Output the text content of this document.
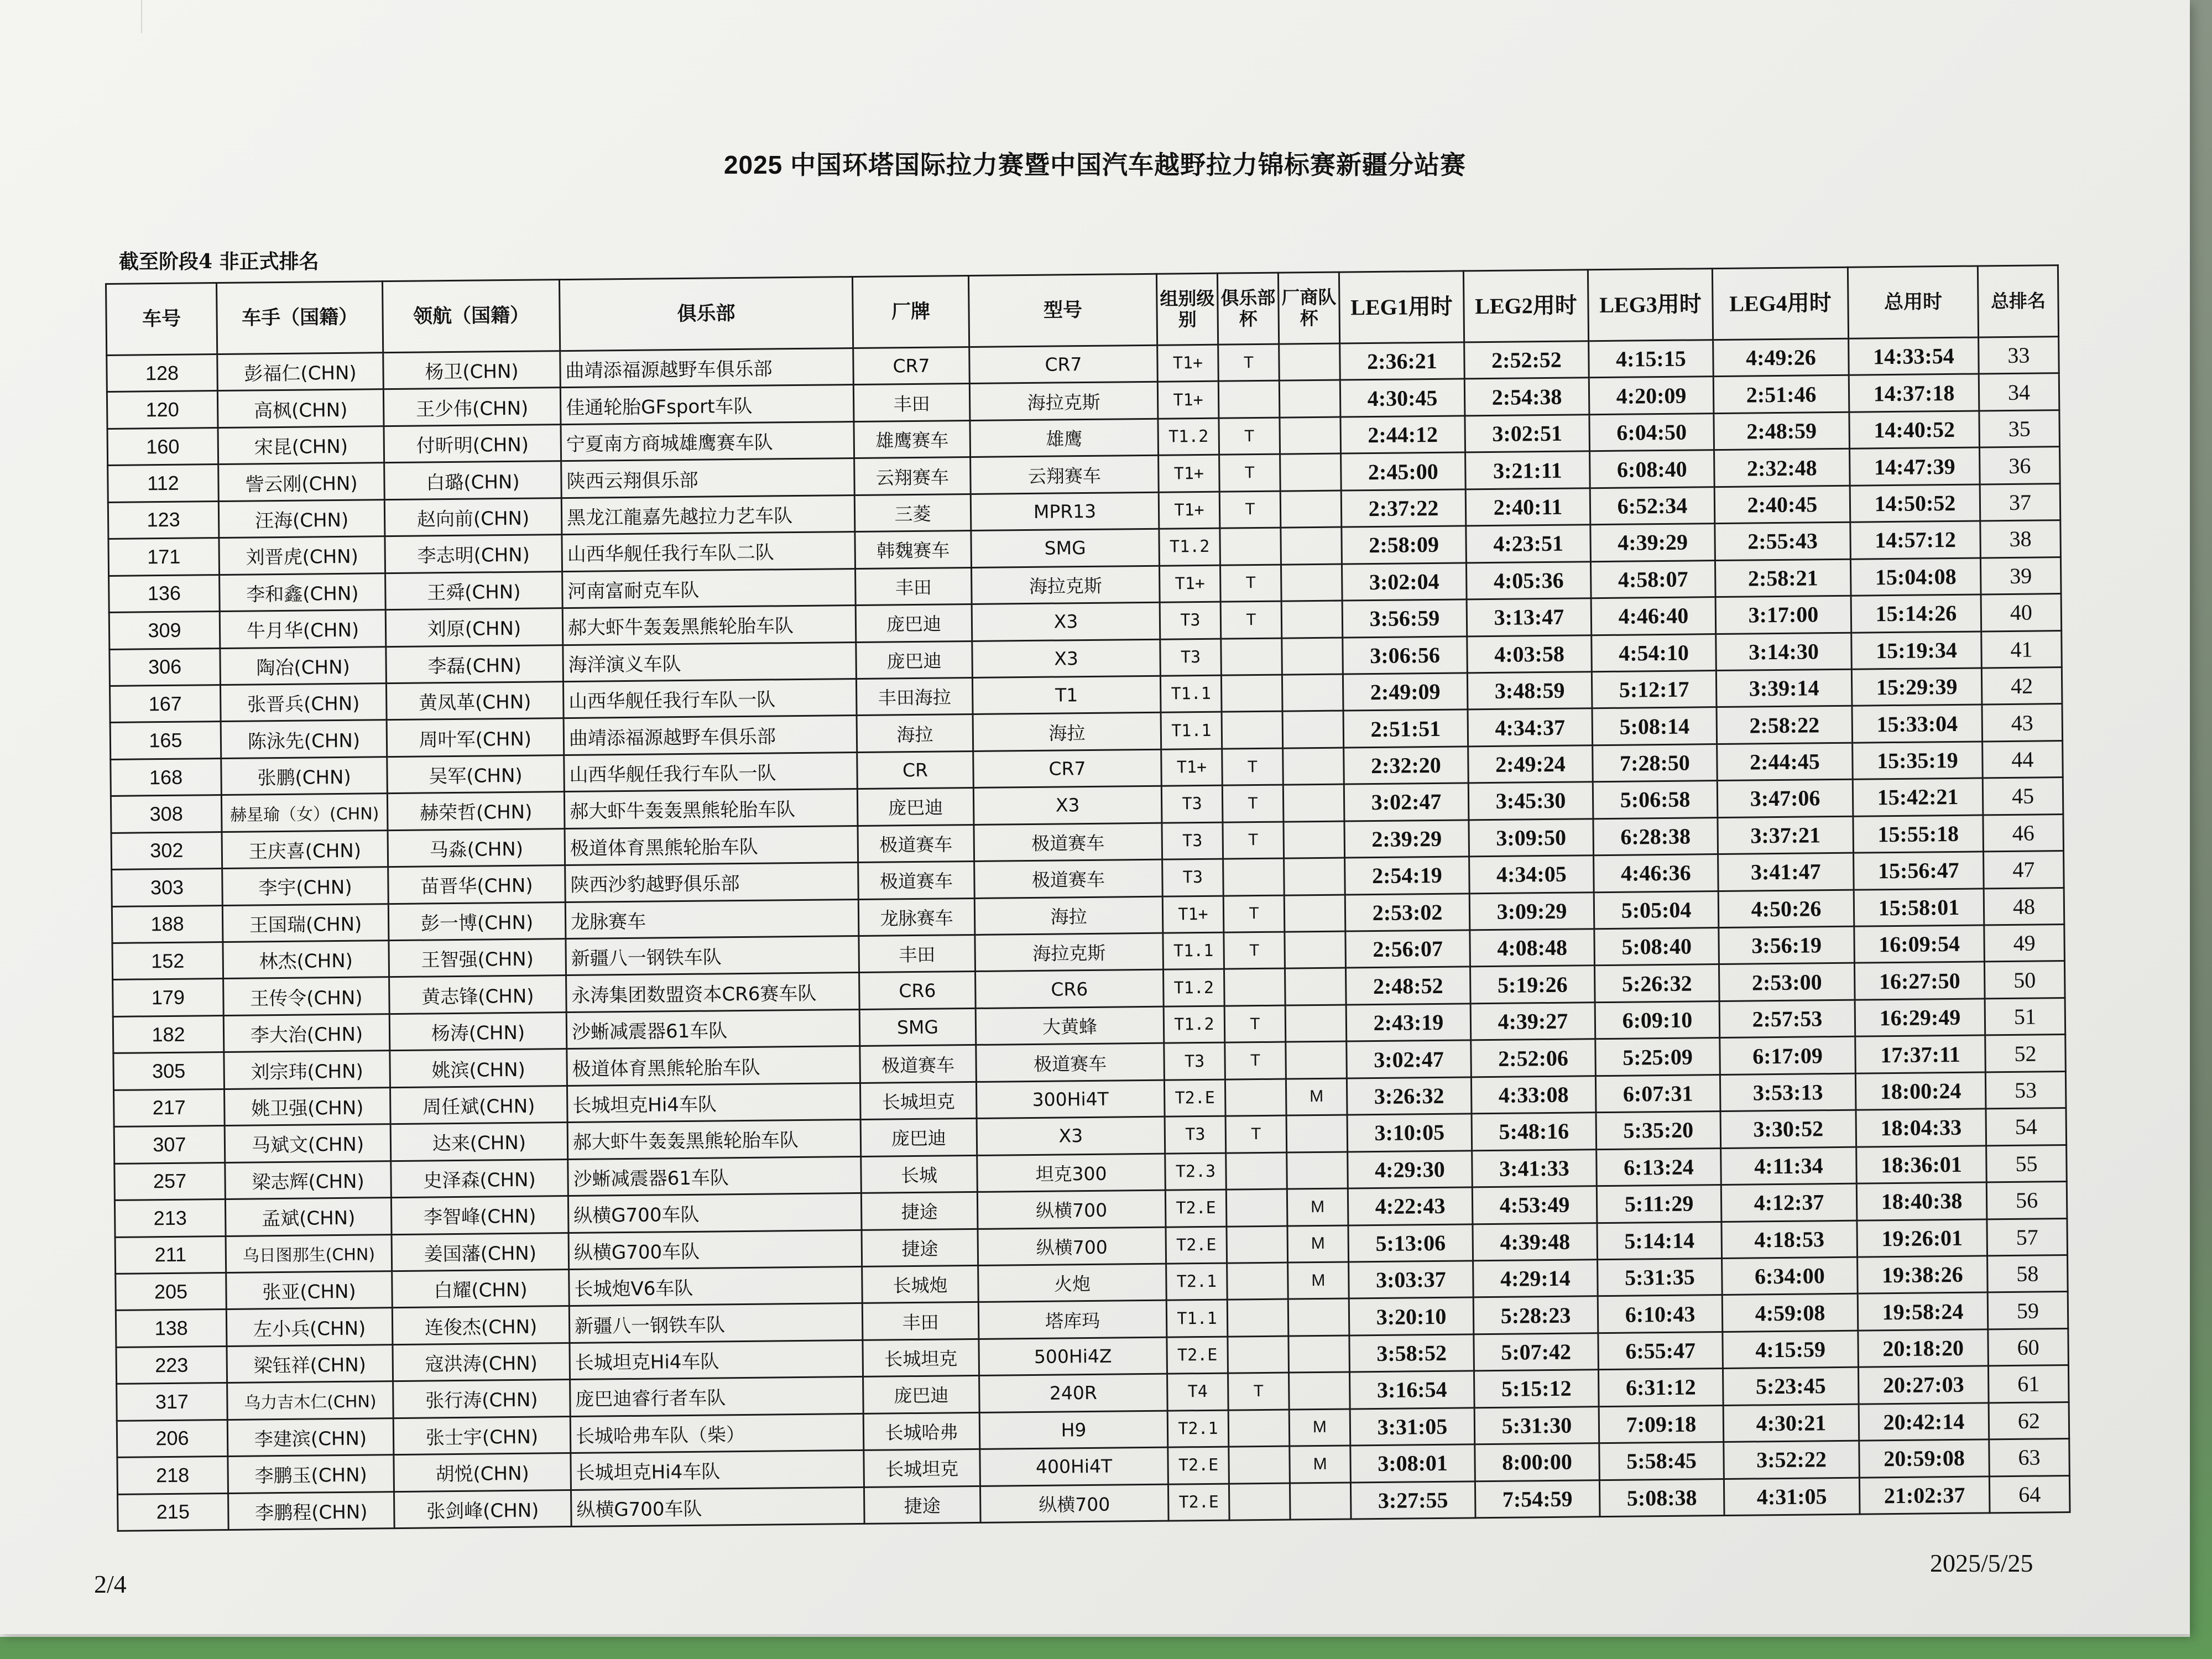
2025 中国环塔国际拉力赛暨中国汽车越野拉力锦标赛新疆分站赛
截至阶段4 非正式排名
车号	车手（国籍）	领航（国籍）	俱乐部	厂牌	型号	组别级别	俱乐部杯	厂商队杯	LEG1用时	LEG2用时	LEG3用时	LEG4用时	总用时	总排名
128	彭福仁(CHN)	杨卫(CHN)	曲靖添福源越野车俱乐部	CR7	CR7	T1+	T		2:36:21	2:52:52	4:15:15	4:49:26	14:33:54	33
120	高枫(CHN)	王少伟(CHN)	佳通轮胎GFsport车队	丰田	海拉克斯	T1+			4:30:45	2:54:38	4:20:09	2:51:46	14:37:18	34
160	宋昆(CHN)	付昕明(CHN)	宁夏南方商城雄鹰赛车队	雄鹰赛车	雄鹰	T1.2	T		2:44:12	3:02:51	6:04:50	2:48:59	14:40:52	35
112	訾云刚(CHN)	白璐(CHN)	陕西云翔俱乐部	云翔赛车	云翔赛车	T1+	T		2:45:00	3:21:11	6:08:40	2:32:48	14:47:39	36
123	汪海(CHN)	赵向前(CHN)	黑龙江龍嘉先越拉力艺车队	三菱	MPR13	T1+	T		2:37:22	2:40:11	6:52:34	2:40:45	14:50:52	37
171	刘晋虎(CHN)	李志明(CHN)	山西华舰任我行车队二队	韩魏赛车	SMG	T1.2			2:58:09	4:23:51	4:39:29	2:55:43	14:57:12	38
136	李和鑫(CHN)	王舜(CHN)	河南富耐克车队	丰田	海拉克斯	T1+	T		3:02:04	4:05:36	4:58:07	2:58:21	15:04:08	39
309	牛月华(CHN)	刘原(CHN)	郝大虾牛轰轰黑熊轮胎车队	庞巴迪	X3	T3	T		3:56:59	3:13:47	4:46:40	3:17:00	15:14:26	40
306	陶冶(CHN)	李磊(CHN)	海洋演义车队	庞巴迪	X3	T3			3:06:56	4:03:58	4:54:10	3:14:30	15:19:34	41
167	张晋兵(CHN)	黄凤革(CHN)	山西华舰任我行车队一队	丰田海拉	T1	T1.1			2:49:09	3:48:59	5:12:17	3:39:14	15:29:39	42
165	陈泳先(CHN)	周叶军(CHN)	曲靖添福源越野车俱乐部	海拉	海拉	T1.1			2:51:51	4:34:37	5:08:14	2:58:22	15:33:04	43
168	张鹏(CHN)	吴军(CHN)	山西华舰任我行车队一队	CR	CR7	T1+	T		2:32:20	2:49:24	7:28:50	2:44:45	15:35:19	44
308	赫星瑜（女）(CHN)	赫荣哲(CHN)	郝大虾牛轰轰黑熊轮胎车队	庞巴迪	X3	T3	T		3:02:47	3:45:30	5:06:58	3:47:06	15:42:21	45
302	王庆喜(CHN)	马淼(CHN)	极道体育黑熊轮胎车队	极道赛车	极道赛车	T3	T		2:39:29	3:09:50	6:28:38	3:37:21	15:55:18	46
303	李宇(CHN)	苗晋华(CHN)	陕西沙豹越野俱乐部	极道赛车	极道赛车	T3			2:54:19	4:34:05	4:46:36	3:41:47	15:56:47	47
188	王国瑞(CHN)	彭一博(CHN)	龙脉赛车	龙脉赛车	海拉	T1+	T		2:53:02	3:09:29	5:05:04	4:50:26	15:58:01	48
152	林杰(CHN)	王智强(CHN)	新疆八一钢铁车队	丰田	海拉克斯	T1.1	T		2:56:07	4:08:48	5:08:40	3:56:19	16:09:54	49
179	王传令(CHN)	黄志锋(CHN)	永涛集团数盟资本CR6赛车队	CR6	CR6	T1.2			2:48:52	5:19:26	5:26:32	2:53:00	16:27:50	50
182	李大治(CHN)	杨涛(CHN)	沙蜥减震器61车队	SMG	大黄蜂	T1.2	T		2:43:19	4:39:27	6:09:10	2:57:53	16:29:49	51
305	刘宗玮(CHN)	姚滨(CHN)	极道体育黑熊轮胎车队	极道赛车	极道赛车	T3	T		3:02:47	2:52:06	5:25:09	6:17:09	17:37:11	52
217	姚卫强(CHN)	周任斌(CHN)	长城坦克Hi4车队	长城坦克	300Hi4T	T2.E		M	3:26:32	4:33:08	6:07:31	3:53:13	18:00:24	53
307	马斌文(CHN)	达来(CHN)	郝大虾牛轰轰黑熊轮胎车队	庞巴迪	X3	T3	T		3:10:05	5:48:16	5:35:20	3:30:52	18:04:33	54
257	梁志辉(CHN)	史泽森(CHN)	沙蜥减震器61车队	长城	坦克300	T2.3			4:29:30	3:41:33	6:13:24	4:11:34	18:36:01	55
213	孟斌(CHN)	李智峰(CHN)	纵横G700车队	捷途	纵横700	T2.E		M	4:22:43	4:53:49	5:11:29	4:12:37	18:40:38	56
211	乌日图那生(CHN)	姜国藩(CHN)	纵横G700车队	捷途	纵横700	T2.E		M	5:13:06	4:39:48	5:14:14	4:18:53	19:26:01	57
205	张亚(CHN)	白耀(CHN)	长城炮V6车队	长城炮	火炮	T2.1		M	3:03:37	4:29:14	5:31:35	6:34:00	19:38:26	58
138	左小兵(CHN)	连俊杰(CHN)	新疆八一钢铁车队	丰田	塔库玛	T1.1			3:20:10	5:28:23	6:10:43	4:59:08	19:58:24	59
223	梁钰祥(CHN)	寇洪涛(CHN)	长城坦克Hi4车队	长城坦克	500Hi4Z	T2.E			3:58:52	5:07:42	6:55:47	4:15:59	20:18:20	60
317	乌力吉木仁(CHN)	张行涛(CHN)	庞巴迪睿行者车队	庞巴迪	240R	T4	T		3:16:54	5:15:12	6:31:12	5:23:45	20:27:03	61
206	李建滨(CHN)	张士宇(CHN)	长城哈弗车队（柴）	长城哈弗	H9	T2.1		M	3:31:05	5:31:30	7:09:18	4:30:21	20:42:14	62
218	李鹏玉(CHN)	胡悦(CHN)	长城坦克Hi4车队	长城坦克	400Hi4T	T2.E		M	3:08:01	8:00:00	5:58:45	3:52:22	20:59:08	63
215	李鹏程(CHN)	张剑峰(CHN)	纵横G700车队	捷途	纵横700	T2.E			3:27:55	7:54:59	5:08:38	4:31:05	21:02:37	64
2/4
2025/5/25
